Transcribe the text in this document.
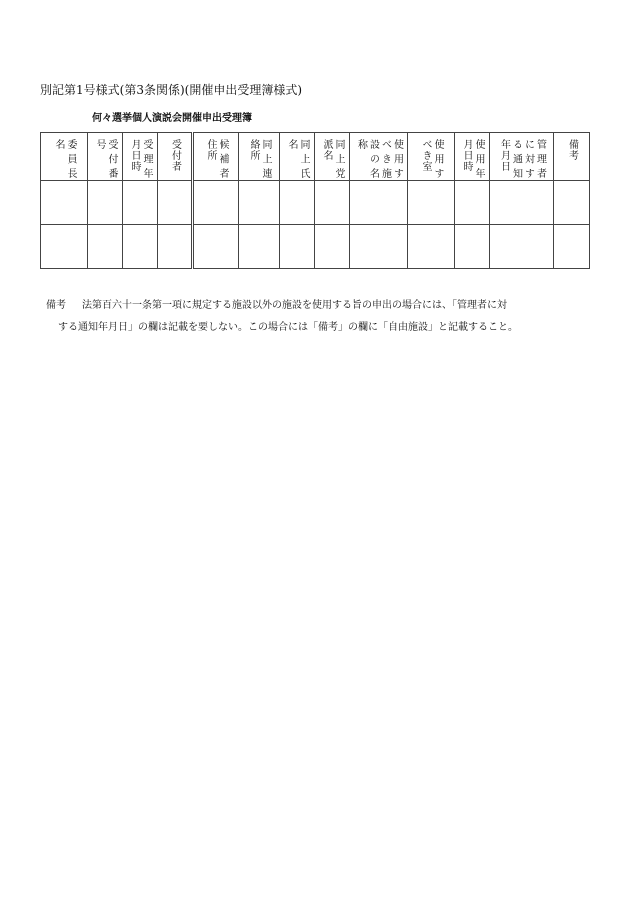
別記第1号様式(第3条関係)(開催申出受理簿様式)
何々選挙個人演説会開催申出受理簿
委員長名	受付番号	受理年月日時	受付者	候補者住所	同上連絡所	同上氏名	同上党派名	使用すべき施設の名称	使用すべき室	使用年月日時	管理者に対する通知年月日	備考

備考 法第百六十一条第一項に規定する施設以外の施設を使用する旨の申出の場合には、「管理者に対
する通知年月日」の欄は記載を要しない。この場合には「備考」の欄に「自由施設」と記載すること。
